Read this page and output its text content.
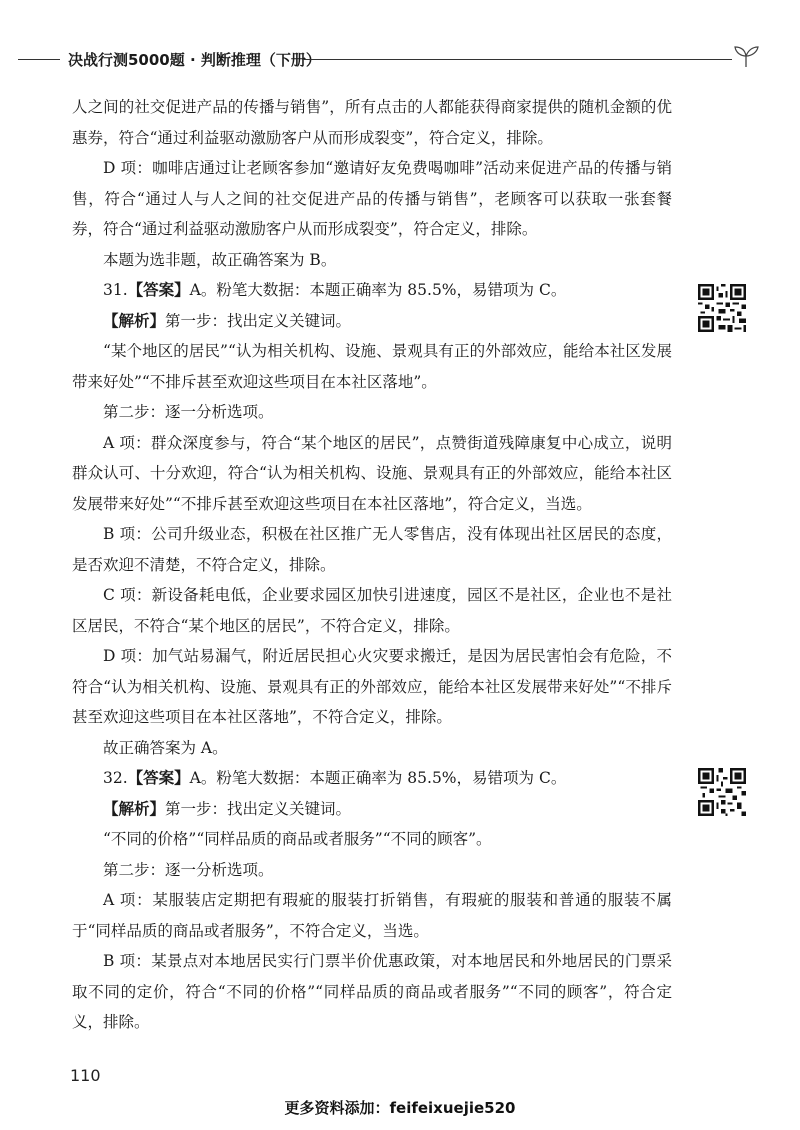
决战行测5000题 · 判断推理（下册）

人之间的社交促进产品的传播与销售”，所有点击的人都能获得商家提供的随机金额的优惠券，符合“通过利益驱动激励客户从而形成裂变”，符合定义，排除。

D 项：咖啡店通过让老顾客参加“邀请好友免费喝咖啡”活动来促进产品的传播与销售，符合“通过人与人之间的社交促进产品的传播与销售”，老顾客可以获取一张套餐券，符合“通过利益驱动激励客户从而形成裂变”，符合定义，排除。

本题为选非题，故正确答案为 B。

31.【答案】A。粉笔大数据：本题正确率为 85.5%，易错项为 C。

【解析】第一步：找出定义关键词。

“某个地区的居民”“认为相关机构、设施、景观具有正的外部效应，能给本社区发展带来好处”“不排斥甚至欢迎这些项目在本社区落地”。

第二步：逐一分析选项。

A 项：群众深度参与，符合“某个地区的居民”，点赞街道残障康复中心成立，说明群众认可、十分欢迎，符合“认为相关机构、设施、景观具有正的外部效应，能给本社区发展带来好处”“不排斥甚至欢迎这些项目在本社区落地”，符合定义，当选。

B 项：公司升级业态，积极在社区推广无人零售店，没有体现出社区居民的态度，是否欢迎不清楚，不符合定义，排除。

C 项：新设备耗电低，企业要求园区加快引进速度，园区不是社区，企业也不是社区居民，不符合“某个地区的居民”，不符合定义，排除。

D 项：加气站易漏气，附近居民担心火灾要求搬迁，是因为居民害怕会有危险，不符合“认为相关机构、设施、景观具有正的外部效应，能给本社区发展带来好处”“不排斥甚至欢迎这些项目在本社区落地”，不符合定义，排除。

故正确答案为 A。

32.【答案】A。粉笔大数据：本题正确率为 85.5%，易错项为 C。

【解析】第一步：找出定义关键词。

“不同的价格”“同样品质的商品或者服务”“不同的顾客”。

第二步：逐一分析选项。

A 项：某服装店定期把有瑕疵的服装打折销售，有瑕疵的服装和普通的服装不属于“同样品质的商品或者服务”，不符合定义，当选。

B 项：某景点对本地居民实行门票半价优惠政策，对本地居民和外地居民的门票采取不同的定价，符合“不同的价格”“同样品质的商品或者服务”“不同的顾客”，符合定义，排除。

110
更多资料添加：feifeixuejie520
